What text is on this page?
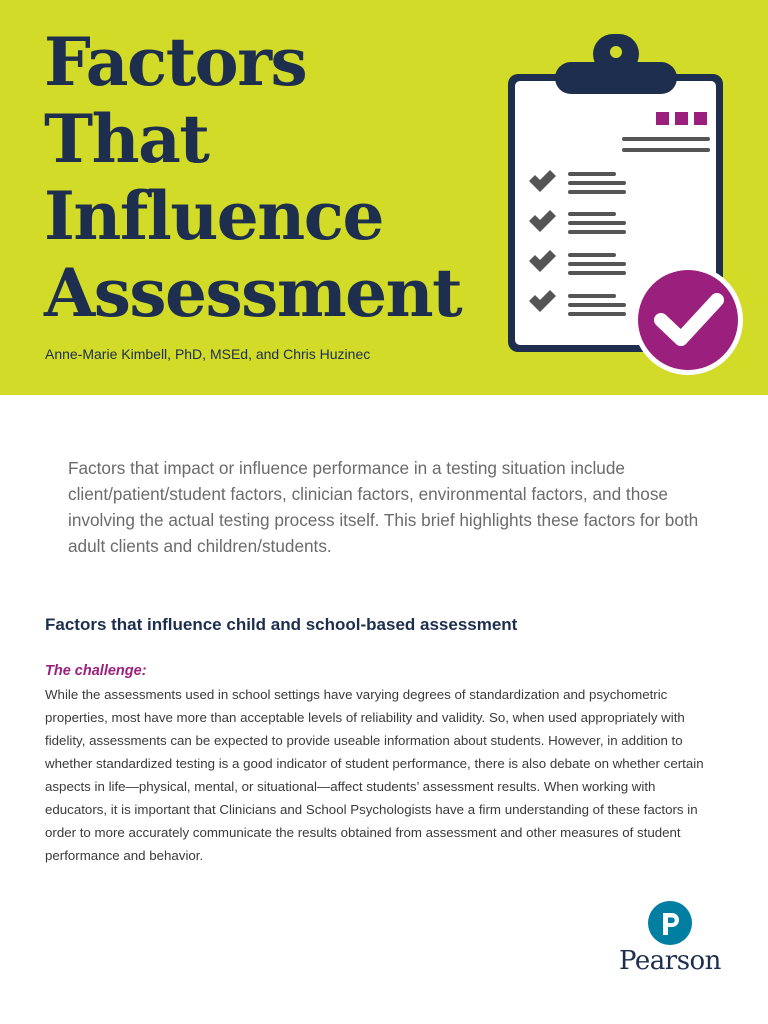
Factors
That
Influence
Assessment

Anne-Marie Kimbell, PhD, MSEd, and Chris Huzinec

Factors that impact or influence performance in a testing situation include client/patient/student factors, clinician factors, environmental factors, and those involving the actual testing process itself. This brief highlights these factors for both adult clients and children/students.

Factors that influence child and school-based assessment

The challenge:

While the assessments used in school settings have varying degrees of standardization and psychometric properties, most have more than acceptable levels of reliability and validity. So, when used appropriately with fidelity, assessments can be expected to provide useable information about students. However, in addition to whether standardized testing is a good indicator of student performance, there is also debate on whether certain aspects in life—physical, mental, or situational—affect students’ assessment results. When working with educators, it is important that Clinicians and School Psychologists have a firm understanding of these factors in order to more accurately communicate the results obtained from assessment and other measures of student performance and behavior.

Pearson
